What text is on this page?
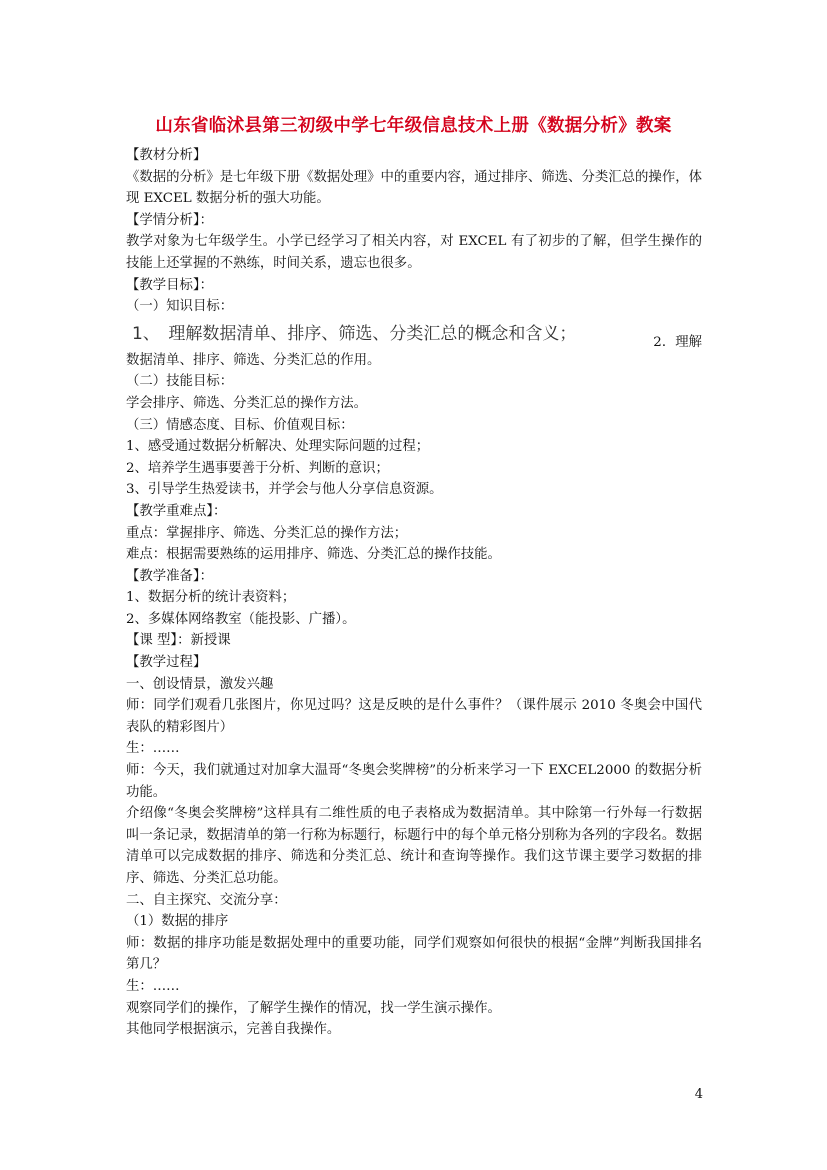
山东省临沭县第三初级中学七年级信息技术上册《数据分析》教案
【教材分析】
《数据的分析》是七年级下册《数据处理》中的重要内容，通过排序、筛选、分类汇总的操作，体现 EXCEL 数据分析的强大功能。
【学情分析】：
教学对象为七年级学生。小学已经学习了相关内容，对 EXCEL 有了初步的了解，但学生操作的技能上还掌握的不熟练，时间关系，遗忘也很多。
【教学目标】：
（一）知识目标：
1、　理解数据清单、排序、筛选、分类汇总的概念和含义；	2．理解
数据清单、排序、筛选、分类汇总的作用。
（二）技能目标：
学会排序、筛选、分类汇总的操作方法。
（三）情感态度、目标、价值观目标：
1、感受通过数据分析解决、处理实际问题的过程；
2、培养学生遇事要善于分析、判断的意识；
3、引导学生热爱读书，并学会与他人分享信息资源。
【教学重难点】：
重点：掌握排序、筛选、分类汇总的操作方法；
难点：根据需要熟练的运用排序、筛选、分类汇总的操作技能。
【教学准备】：
1、数据分析的统计表资料；
2、多媒体网络教室（能投影、广播）。
【课 型】：新授课
【教学过程】
一、创设情景，激发兴趣
师：同学们观看几张图片，你见过吗？这是反映的是什么事件？（课件展示 2010 冬奥会中国代表队的精彩图片）
生：……
师：今天，我们就通过对加拿大温哥“冬奥会奖牌榜”的分析来学习一下 EXCEL2000 的数据分析功能。
介绍像“冬奥会奖牌榜”这样具有二维性质的电子表格成为数据清单。其中除第一行外每一行数据叫一条记录，数据清单的第一行称为标题行，标题行中的每个单元格分别称为各列的字段名。数据清单可以完成数据的排序、筛选和分类汇总、统计和查询等操作。我们这节课主要学习数据的排序、筛选、分类汇总功能。
二、自主探究、交流分享：
（1）数据的排序
师：数据的排序功能是数据处理中的重要功能，同学们观察如何很快的根据“金牌”判断我国排名第几？
生：……
观察同学们的操作，了解学生操作的情况，找一学生演示操作。
其他同学根据演示，完善自我操作。
4
